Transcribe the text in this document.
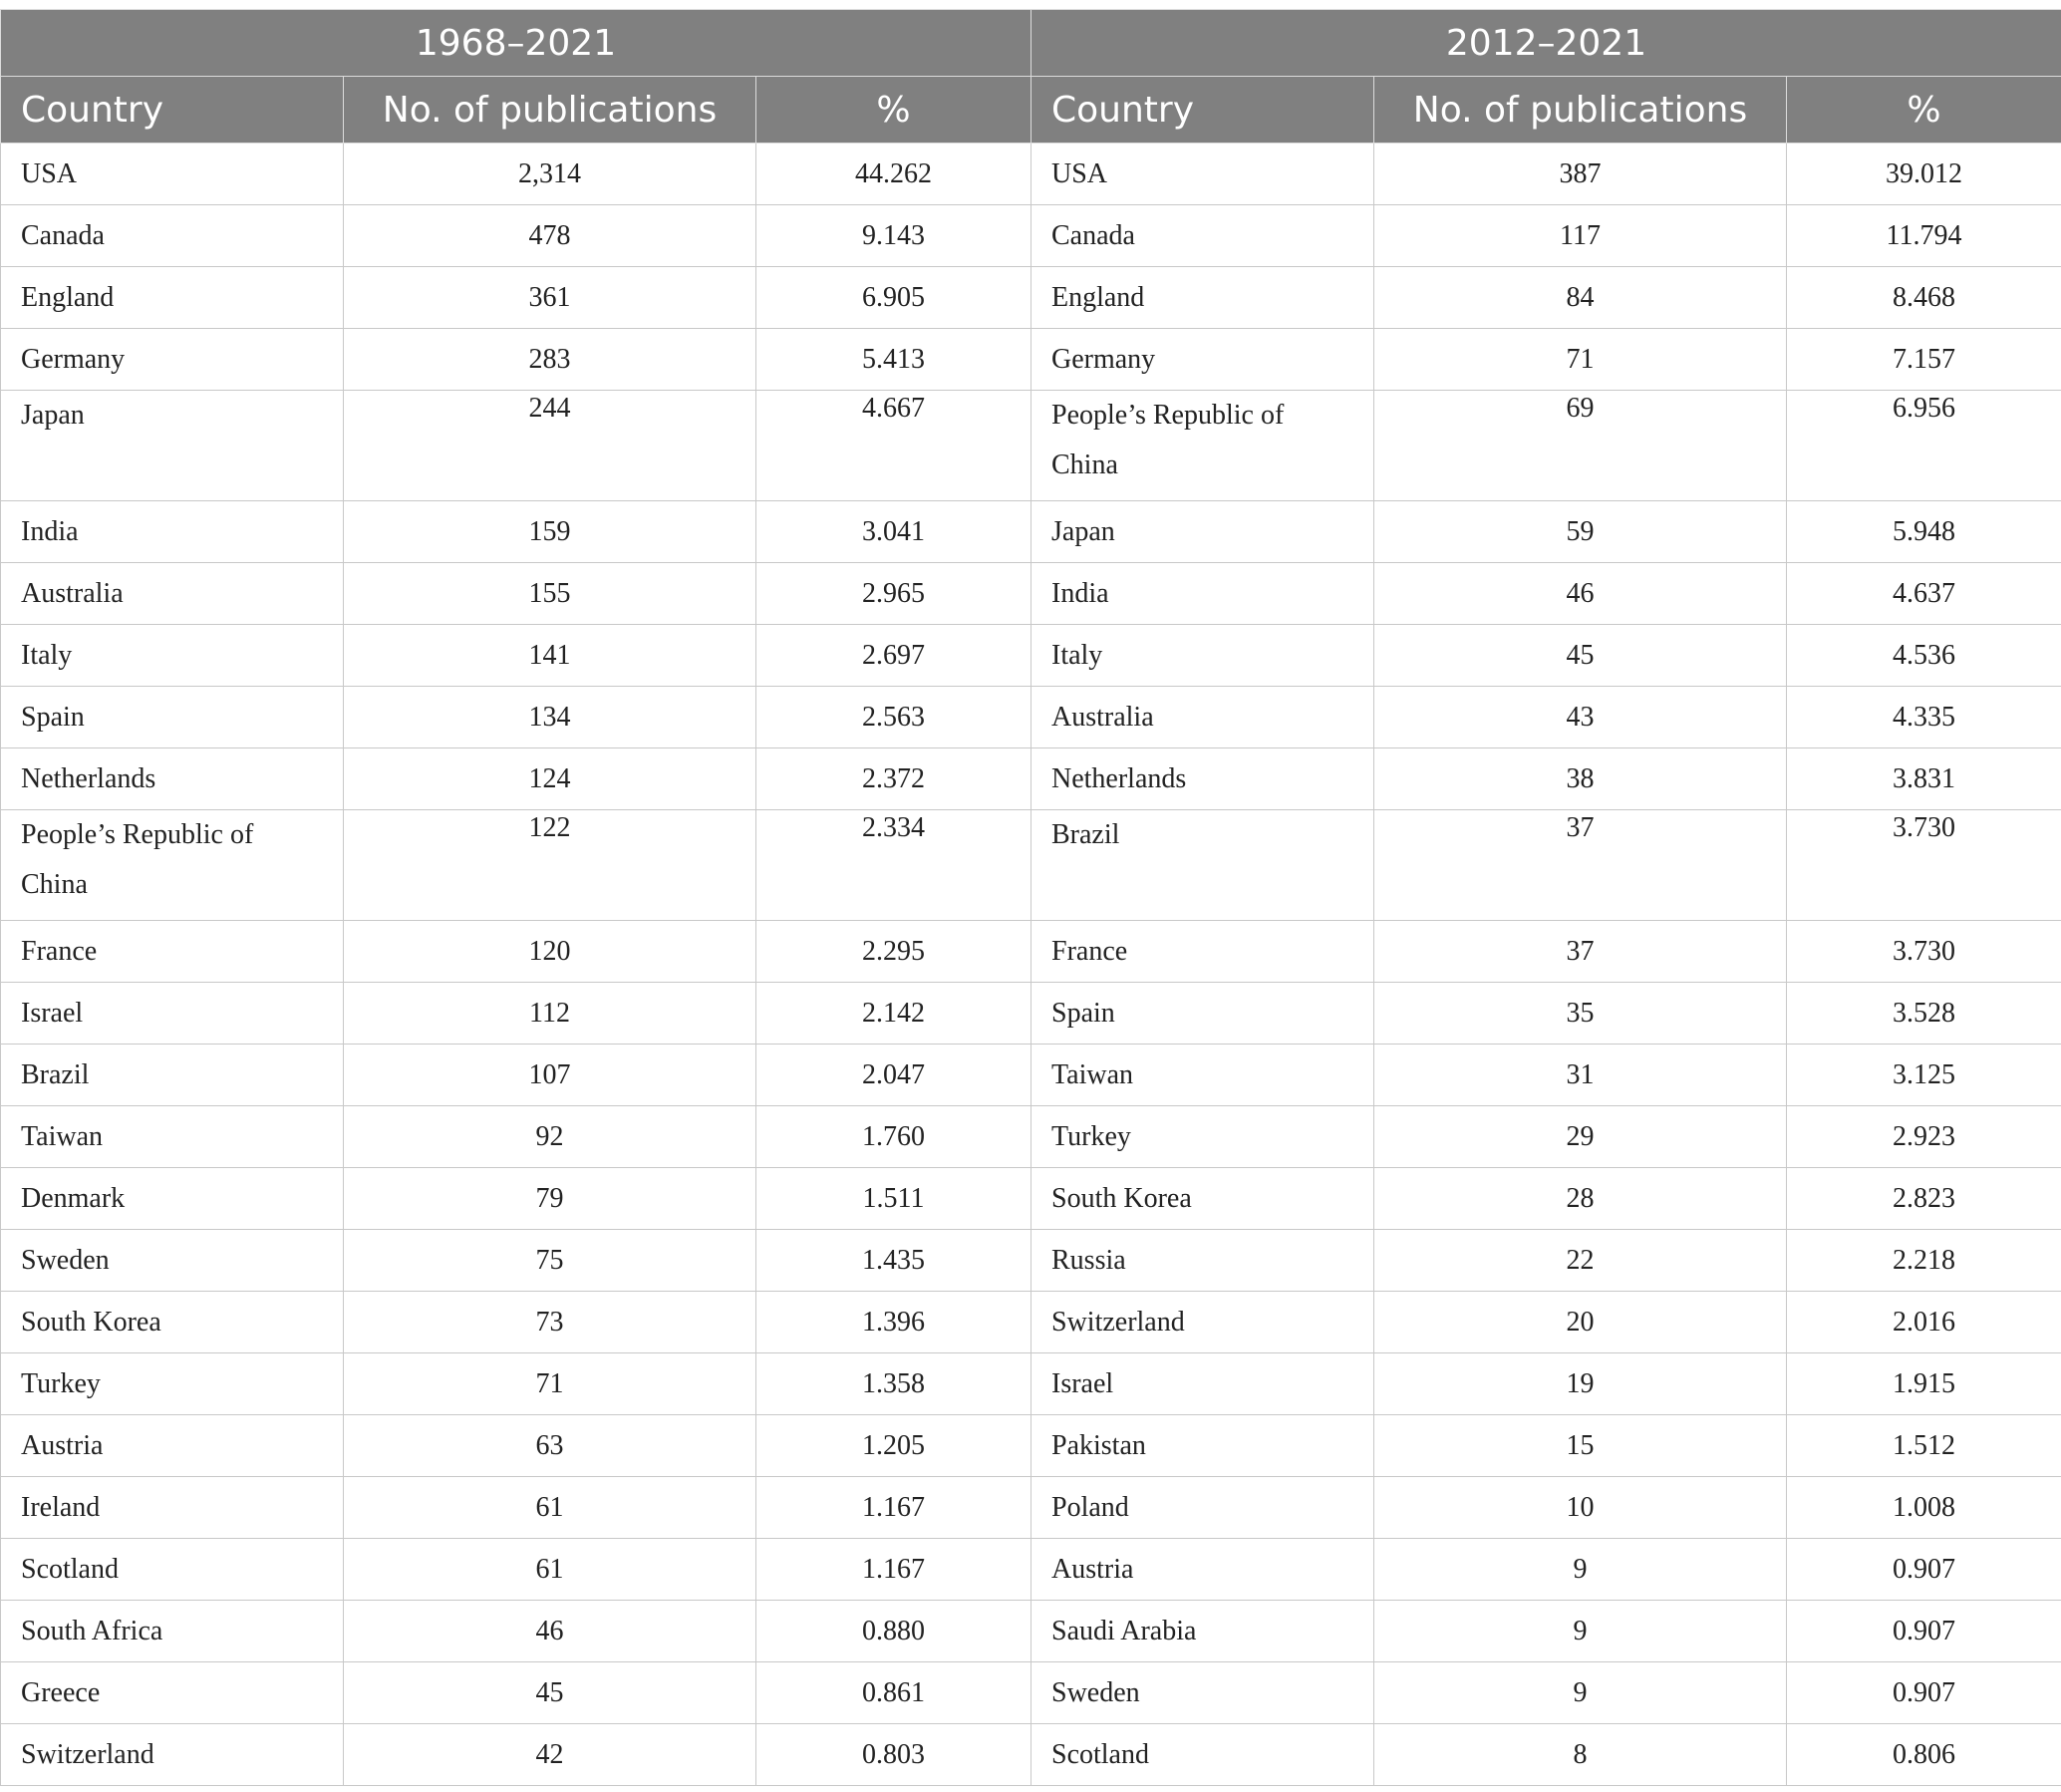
1968–2021			2012–2021		
Country	No. of publications	%	Country	No. of publications	%
USA	2,314	44.262	USA	387	39.012
Canada	478	9.143	Canada	117	11.794
England	361	6.905	England	84	8.468
Germany	283	5.413	Germany	71	7.157
Japan	244	4.667	People’s Republic of China	69	6.956
India	159	3.041	Japan	59	5.948
Australia	155	2.965	India	46	4.637
Italy	141	2.697	Italy	45	4.536
Spain	134	2.563	Australia	43	4.335
Netherlands	124	2.372	Netherlands	38	3.831
People’s Republic of China	122	2.334	Brazil	37	3.730
France	120	2.295	France	37	3.730
Israel	112	2.142	Spain	35	3.528
Brazil	107	2.047	Taiwan	31	3.125
Taiwan	92	1.760	Turkey	29	2.923
Denmark	79	1.511	South Korea	28	2.823
Sweden	75	1.435	Russia	22	2.218
South Korea	73	1.396	Switzerland	20	2.016
Turkey	71	1.358	Israel	19	1.915
Austria	63	1.205	Pakistan	15	1.512
Ireland	61	1.167	Poland	10	1.008
Scotland	61	1.167	Austria	9	0.907
South Africa	46	0.880	Saudi Arabia	9	0.907
Greece	45	0.861	Sweden	9	0.907
Switzerland	42	0.803	Scotland	8	0.806
